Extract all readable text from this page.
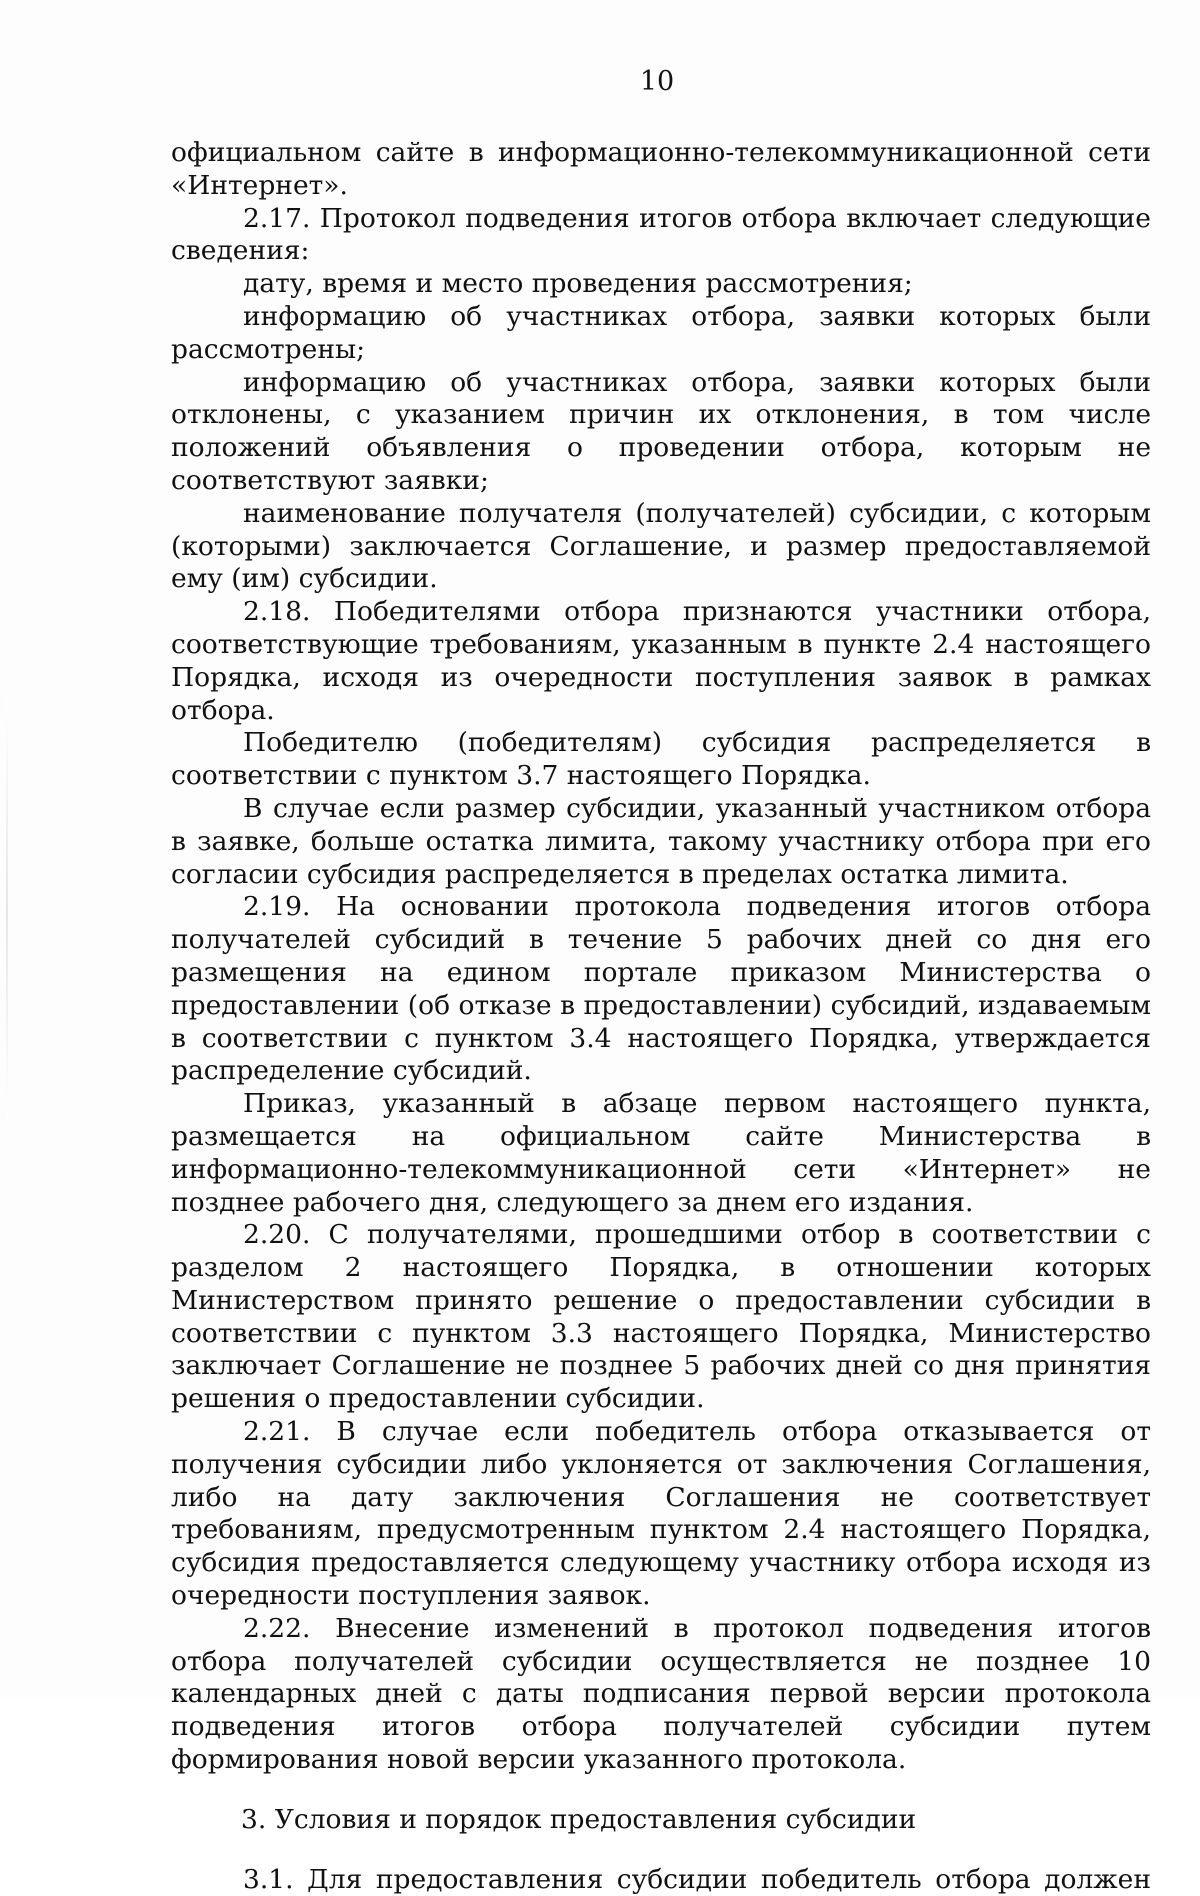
10

официальном сайте в информационно-телекоммуникационной сети

«Интернет».

2.17. Протокол подведения итогов отбора включает следующие сведения:

дату, время и место проведения рассмотрения;

информацию об участниках отбора, заявки которых были рассмотрены;

информацию об участниках отбора, заявки которых были отклонены, с указанием причин их отклонения, в том числе положений объявления о проведении отбора, которым не соответствуют заявки;

наименование получателя (получателей) субсидии, с которым (которыми) заключается Соглашение, и размер предоставляемой ему (им) субсидии.

2.18. Победителями отбора признаются участники отбора, соответствующие требованиям, указанным в пункте 2.4 настоящего Порядка, исходя из очередности поступления заявок в рамках отбора.

Победителю (победителям) субсидия распределяется в соответствии с пунктом 3.7 настоящего Порядка.

В случае если размер субсидии, указанный участником отбора в заявке, больше остатка лимита, такому участнику отбора при его согласии субсидия распределяется в пределах остатка лимита.

2.19. На основании протокола подведения итогов отбора получателей субсидий в течение 5 рабочих дней со дня его размещения на едином портале приказом Министерства о предоставлении (об отказе в предоставлении) субсидий, издаваемым в соответствии с пунктом 3.4 настоящего Порядка, утверждается распределение субсидий.

Приказ, указанный в абзаце первом настоящего пункта, размещается на официальном сайте Министерства в информационно-телекоммуникационной сети «Интернет» не позднее рабочего дня, следующего за днем его издания.

2.20. С получателями, прошедшими отбор в соответствии с разделом 2 настоящего Порядка, в отношении которых Министерством принято решение о предоставлении субсидии в соответствии с пунктом 3.3 настоящего Порядка, Министерство заключает Соглашение не позднее 5 рабочих дней со дня принятия решения о предоставлении субсидии.

2.21. В случае если победитель отбора отказывается от получения субсидии либо уклоняется от заключения Соглашения, либо на дату заключения Соглашения не соответствует требованиям, предусмотренным пунктом 2.4 настоящего Порядка, субсидия предоставляется следующему участнику отбора исходя из очередности поступления заявок.

2.22. Внесение изменений в протокол подведения итогов отбора получателей субсидии осуществляется не позднее 10 календарных дней с даты подписания первой версии протокола подведения итогов отбора получателей субсидии путем формирования новой версии указанного протокола.

3. Условия и порядок предоставления субсидии

3.1. Для предоставления субсидии победитель отбора должен
